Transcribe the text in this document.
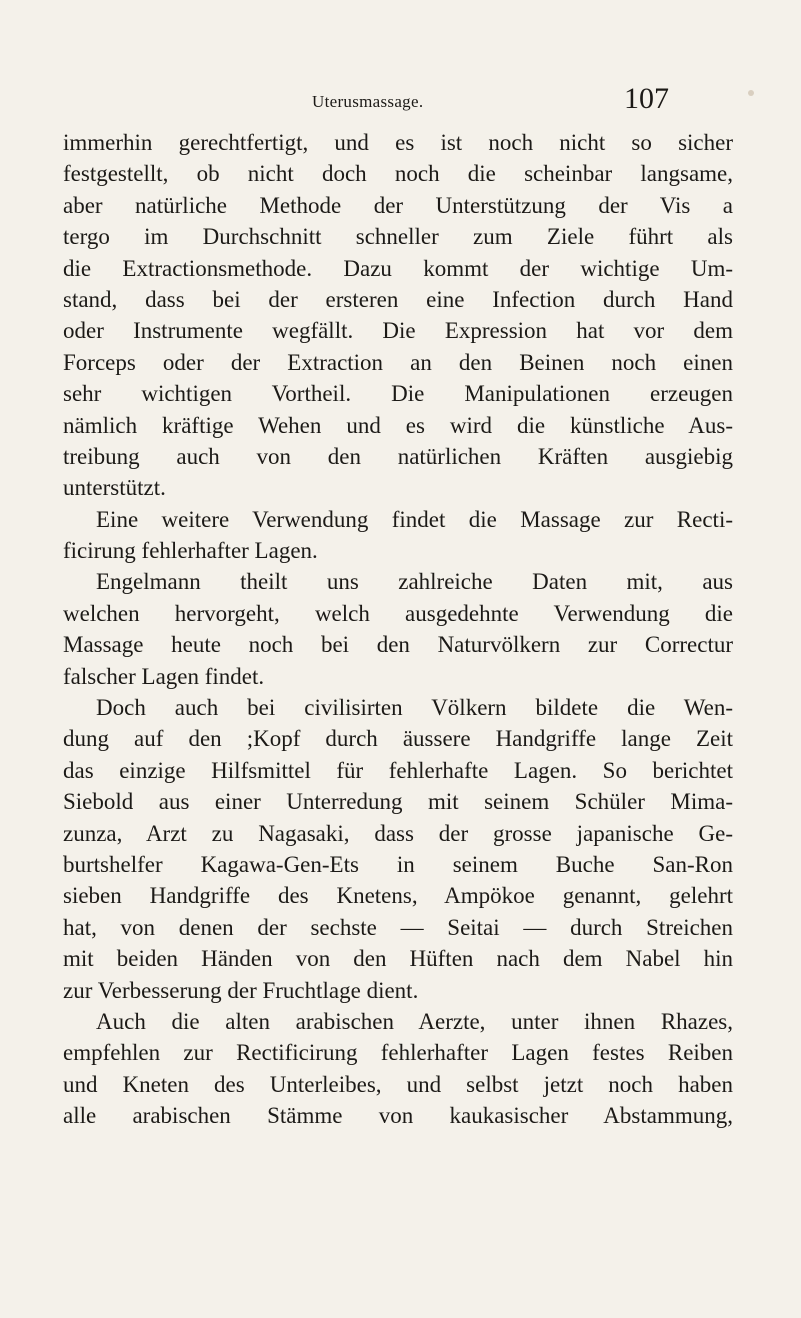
Uterusmassage.	107
immerhin gerechtfertigt, und es ist noch nicht so sicher
festgestellt, ob nicht doch noch die scheinbar langsame,
aber natürliche Methode der Unterstützung der Vis a
tergo im Durchschnitt schneller zum Ziele führt als
die Extractionsmethode. Dazu kommt der wichtige Um-
stand, dass bei der ersteren eine Infection durch Hand
oder Instrumente wegfällt. Die Expression hat vor dem
Forceps oder der Extraction an den Beinen noch einen
sehr wichtigen Vortheil. Die Manipulationen erzeugen
nämlich kräftige Wehen und es wird die künstliche Aus-
treibung auch von den natürlichen Kräften ausgiebig
unterstützt.
Eine weitere Verwendung findet die Massage zur Recti-
ficirung fehlerhafter Lagen.
Engelmann theilt uns zahlreiche Daten mit, aus
welchen hervorgeht, welch ausgedehnte Verwendung die
Massage heute noch bei den Naturvölkern zur Correctur
falscher Lagen findet.
Doch auch bei civilisirten Völkern bildete die Wen-
dung auf den ;Kopf durch äussere Handgriffe lange Zeit
das einzige Hilfsmittel für fehlerhafte Lagen. So berichtet
Siebold aus einer Unterredung mit seinem Schüler Mima-
zunza, Arzt zu Nagasaki, dass der grosse japanische Ge-
burtshelfer Kagawa-Gen-Ets in seinem Buche San-Ron
sieben Handgriffe des Knetens, Ampökoe genannt, gelehrt
hat, von denen der sechste — Seitai — durch Streichen
mit beiden Händen von den Hüften nach dem Nabel hin
zur Verbesserung der Fruchtlage dient.
Auch die alten arabischen Aerzte, unter ihnen Rhazes,
empfehlen zur Rectificirung fehlerhafter Lagen festes Reiben
und Kneten des Unterleibes, und selbst jetzt noch haben
alle arabischen Stämme von kaukasischer Abstammung,
